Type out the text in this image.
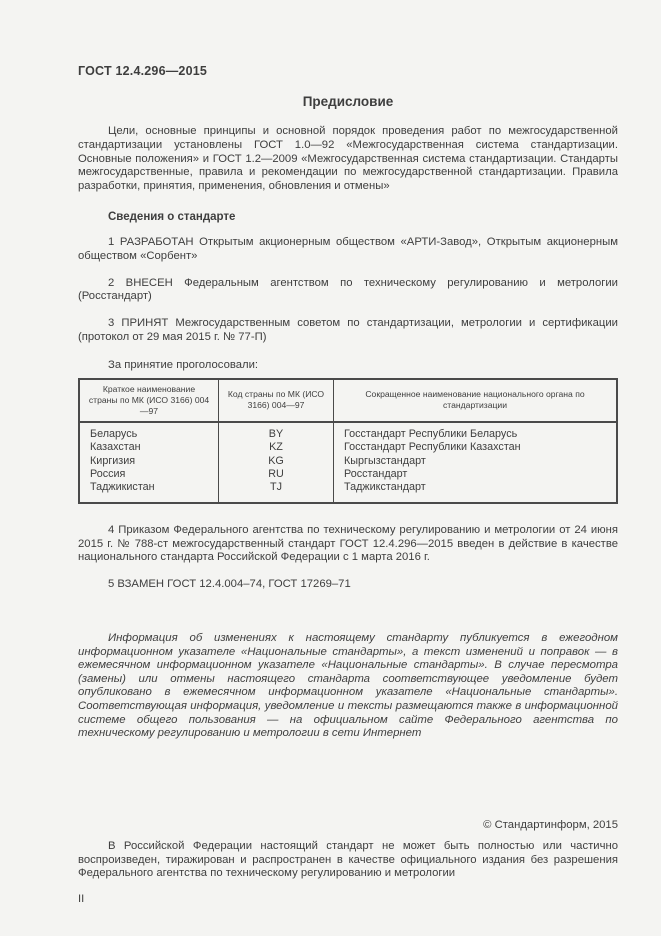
ГОСТ 12.4.296—2015
Предисловие

Цели, основные принципы и основной порядок проведения работ по межгосударственной стандартизации установлены ГОСТ 1.0—92 «Межгосударственная система стандартизации. Основные положения» и ГОСТ 1.2—2009 «Межгосударственная система стандартизации. Стандарты межгосударственные, правила и рекомендации по межгосударственной стандартизации. Правила разработки, принятия, применения, обновления и отмены»

Сведения о стандарте

1 РАЗРАБОТАН Открытым акционерным обществом «АРТИ-Завод», Открытым акционерным обществом «Сорбент»

2 ВНЕСЕН Федеральным агентством по техническому регулированию и метрологии (Росстандарт)

3 ПРИНЯТ Межгосударственным советом по стандартизации, метрологии и сертификации (протокол от 29 мая 2015 г. № 77-П)

За принятие проголосовали:
Краткое наименование страны по МК (ИСО 3166) 004—97	Код страны по МК (ИСО 3166) 004—97	Сокращенное наименование национального органа по стандартизации
Беларусь	BY	Госстандарт Республики Беларусь
Казахстан	KZ	Госстандарт Республики Казахстан
Киргизия	KG	Кыргызстандарт
Россия	RU	Росстандарт
Таджикистан	TJ	Таджикстандарт

4 Приказом Федерального агентства по техническому регулированию и метрологии от 24 июня 2015 г. № 788-ст межгосударственный стандарт ГОСТ 12.4.296—2015 введен в действие в качестве национального стандарта Российской Федерации с 1 марта 2016 г.

5 ВЗАМЕН ГОСТ 12.4.004–74, ГОСТ 17269–71

Информация об изменениях к настоящему стандарту публикуется в ежегодном информационном указателе «Национальные стандарты», а текст изменений и поправок — в ежемесячном информационном указателе «Национальные стандарты». В случае пересмотра (замены) или отмены настоящего стандарта соответствующее уведомление будет опубликовано в ежемесячном информационном указателе «Национальные стандарты». Соответствующая информация, уведомление и тексты размещаются также в информационной системе общего пользования — на официальном сайте Федерального агентства по техническому регулированию и метрологии в сети Интернет

© Стандартинформ, 2015

В Российской Федерации настоящий стандарт не может быть полностью или частично воспроизведен, тиражирован и распространен в качестве официального издания без разрешения Федерального агентства по техническому регулированию и метрологии

II
